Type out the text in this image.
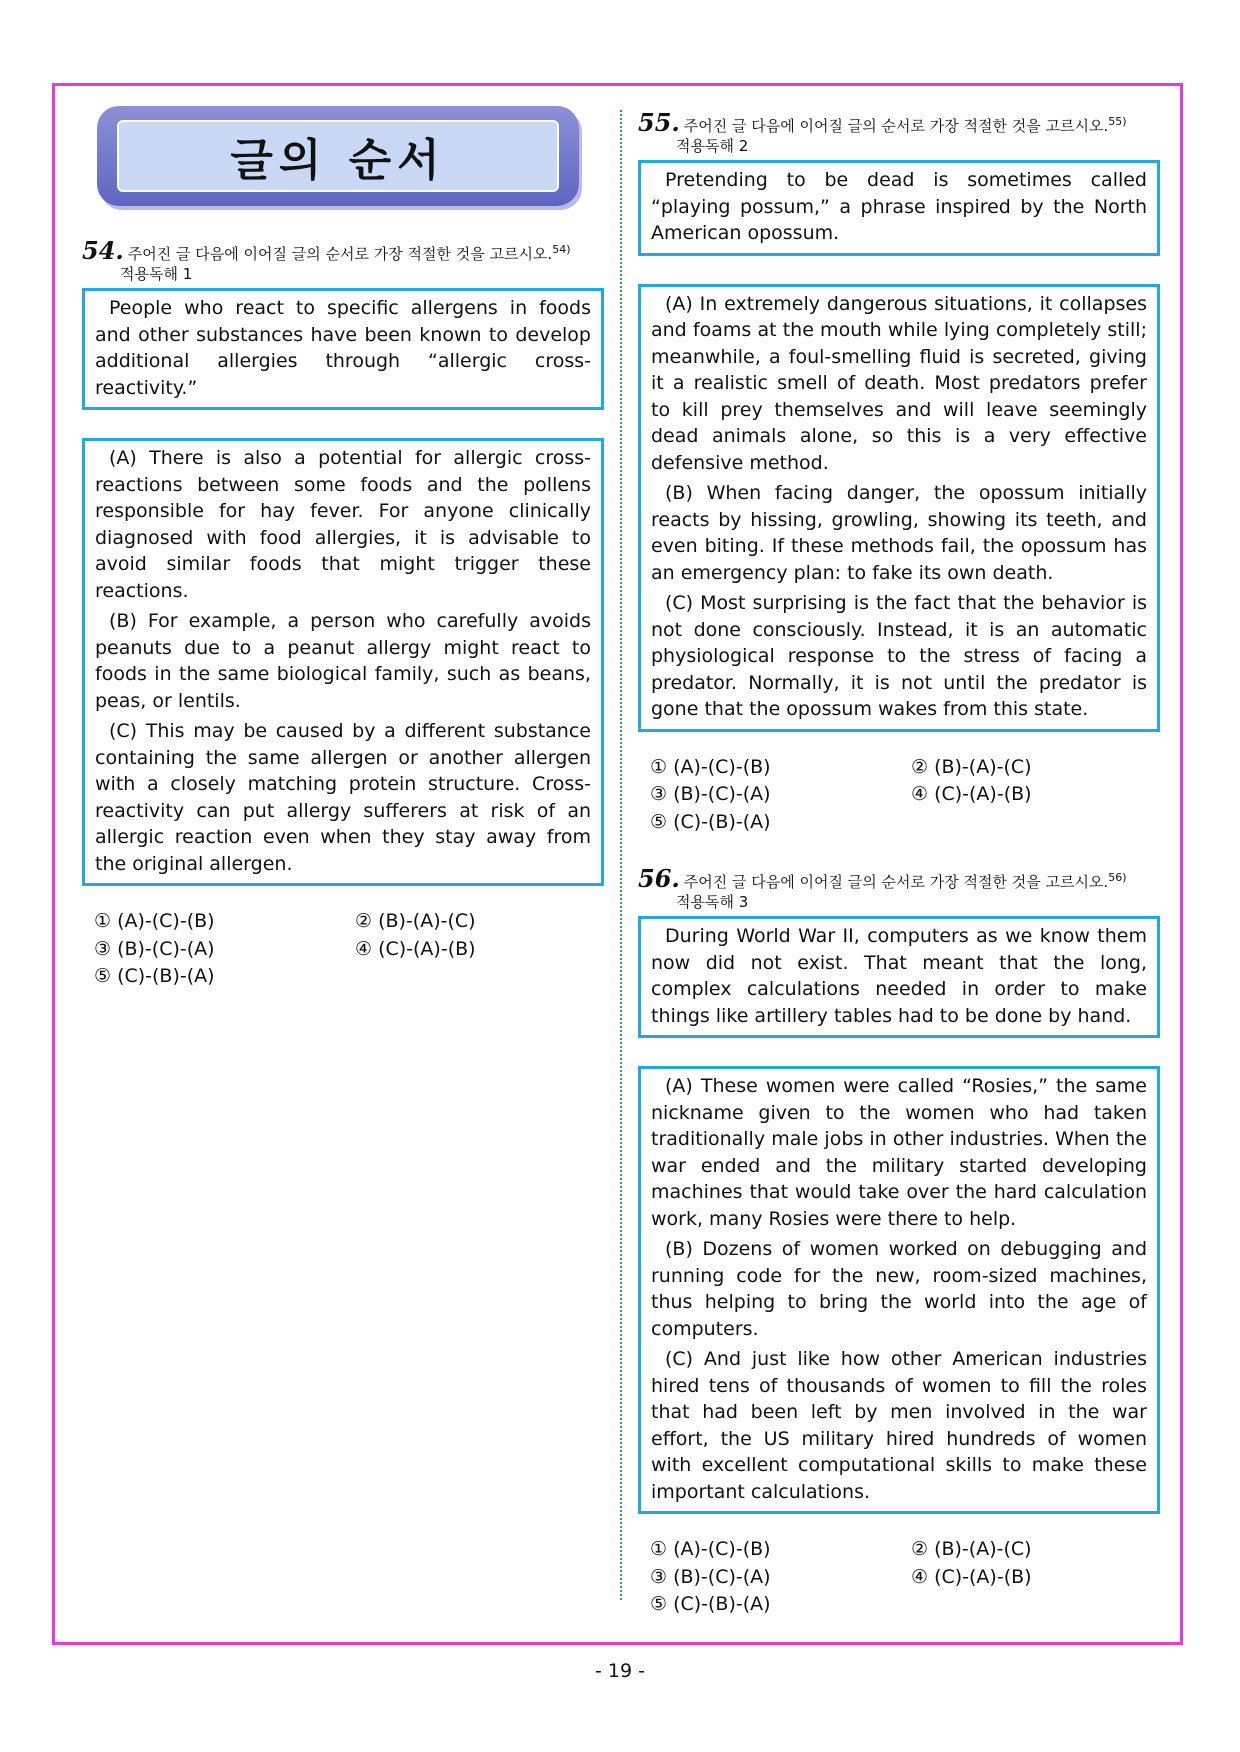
글의 순서
54. 주어진 글 다음에 이어질 글의 순서로 가장 적절한 것을 고르시오.$^{54)}$
적용독해 1

People who react to specific allergens in foods and other substances have been known to develop additional allergies through “allergic cross-reactivity.”

(A) There is also a potential for allergic cross-reactions between some foods and the pollens responsible for hay fever. For anyone clinically diagnosed with food allergies, it is advisable to avoid similar foods that might trigger these reactions.

(B) For example, a person who carefully avoids peanuts due to a peanut allergy might react to foods in the same biological family, such as beans, peas, or lentils.

(C) This may be caused by a different substance containing the same allergen or another allergen with a closely matching protein structure. Cross-reactivity can put allergy sufferers at risk of an allergic reaction even when they stay away from the original allergen.

① (A)-(C)-(B)	② (B)-(A)-(C)
③ (B)-(C)-(A)	④ (C)-(A)-(B)
⑤ (C)-(B)-(A)
55. 주어진 글 다음에 이어질 글의 순서로 가장 적절한 것을 고르시오.$^{55)}$
적용독해 2

Pretending to be dead is sometimes called “playing possum,” a phrase inspired by the North American opossum.

(A) In extremely dangerous situations, it collapses and foams at the mouth while lying completely still; meanwhile, a foul-smelling fluid is secreted, giving it a realistic smell of death. Most predators prefer to kill prey themselves and will leave seemingly dead animals alone, so this is a very effective defensive method.

(B) When facing danger, the opossum initially reacts by hissing, growling, showing its teeth, and even biting. If these methods fail, the opossum has an emergency plan: to fake its own death.

(C) Most surprising is the fact that the behavior is not done consciously. Instead, it is an automatic physiological response to the stress of facing a predator. Normally, it is not until the predator is gone that the opossum wakes from this state.

① (A)-(C)-(B)	② (B)-(A)-(C)
③ (B)-(C)-(A)	④ (C)-(A)-(B)
⑤ (C)-(B)-(A)
56. 주어진 글 다음에 이어질 글의 순서로 가장 적절한 것을 고르시오.$^{56)}$
적용독해 3

During World War II, computers as we know them now did not exist. That meant that the long, complex calculations needed in order to make things like artillery tables had to be done by hand.

(A) These women were called “Rosies,” the same nickname given to the women who had taken traditionally male jobs in other industries. When the war ended and the military started developing machines that would take over the hard calculation work, many Rosies were there to help.

(B) Dozens of women worked on debugging and running code for the new, room-sized machines, thus helping to bring the world into the age of computers.

(C) And just like how other American industries hired tens of thousands of women to fill the roles that had been left by men involved in the war effort, the US military hired hundreds of women with excellent computational skills to make these important calculations.

① (A)-(C)-(B)	② (B)-(A)-(C)
③ (B)-(C)-(A)	④ (C)-(A)-(B)
⑤ (C)-(B)-(A)
- 19 -
